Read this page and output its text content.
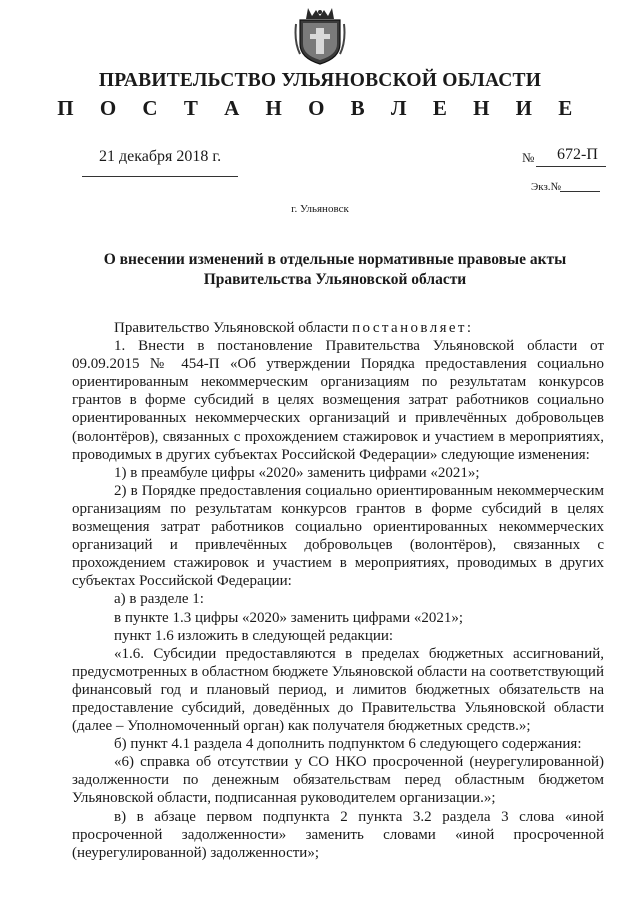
ПРАВИТЕЛЬСТВО УЛЬЯНОВСКОЙ ОБЛАСТИ
П О С Т А Н О В Л Е Н И Е
21 декабря 2018 г.	№ 672-П
Экз.№
г. Ульяновск
О внесении изменений в отдельные нормативные правовые акты
Правительства Ульяновской области

Правительство Ульяновской области постановляет:

1. Внести в постановление Правительства Ульяновской области от 09.09.2015 № 454-П «Об утверждении Порядка предоставления социально ориентированным некоммерческим организациям по результатам конкурсов грантов в форме субсидий в целях возмещения затрат работников социально ориентированных некоммерческих организаций и привлечённых добровольцев (волонтёров), связанных с прохождением стажировок и участием в мероприятиях, проводимых в других субъектах Российской Федерации» следующие изменения:

1) в преамбуле цифры «2020» заменить цифрами «2021»;

2) в Порядке предоставления социально ориентированным некоммерческим организациям по результатам конкурсов грантов в форме субсидий в целях возмещения затрат работников социально ориентированных некоммерческих организаций и привлечённых добровольцев (волонтёров), связанных с прохождением стажировок и участием в мероприятиях, проводимых в других субъектах Российской Федерации:

а) в разделе 1:

в пункте 1.3 цифры «2020» заменить цифрами «2021»;

пункт 1.6 изложить в следующей редакции:

«1.6. Субсидии предоставляются в пределах бюджетных ассигнований, предусмотренных в областном бюджете Ульяновской области на соответствующий финансовый год и плановый период, и лимитов бюджетных обязательств на предоставление субсидий, доведённых до Правительства Ульяновской области (далее – Уполномоченный орган) как получателя бюджетных средств.»;

б) пункт 4.1 раздела 4 дополнить подпунктом 6 следующего содержания:

«6) справка об отсутствии у СО НКО просроченной (неурегулированной) задолженности по денежным обязательствам перед областным бюджетом Ульяновской области, подписанная руководителем организации.»;

в) в абзаце первом подпункта 2 пункта 3.2 раздела 3 слова «иной просроченной задолженности» заменить словами «иной просроченной (неурегулированной) задолженности»;
